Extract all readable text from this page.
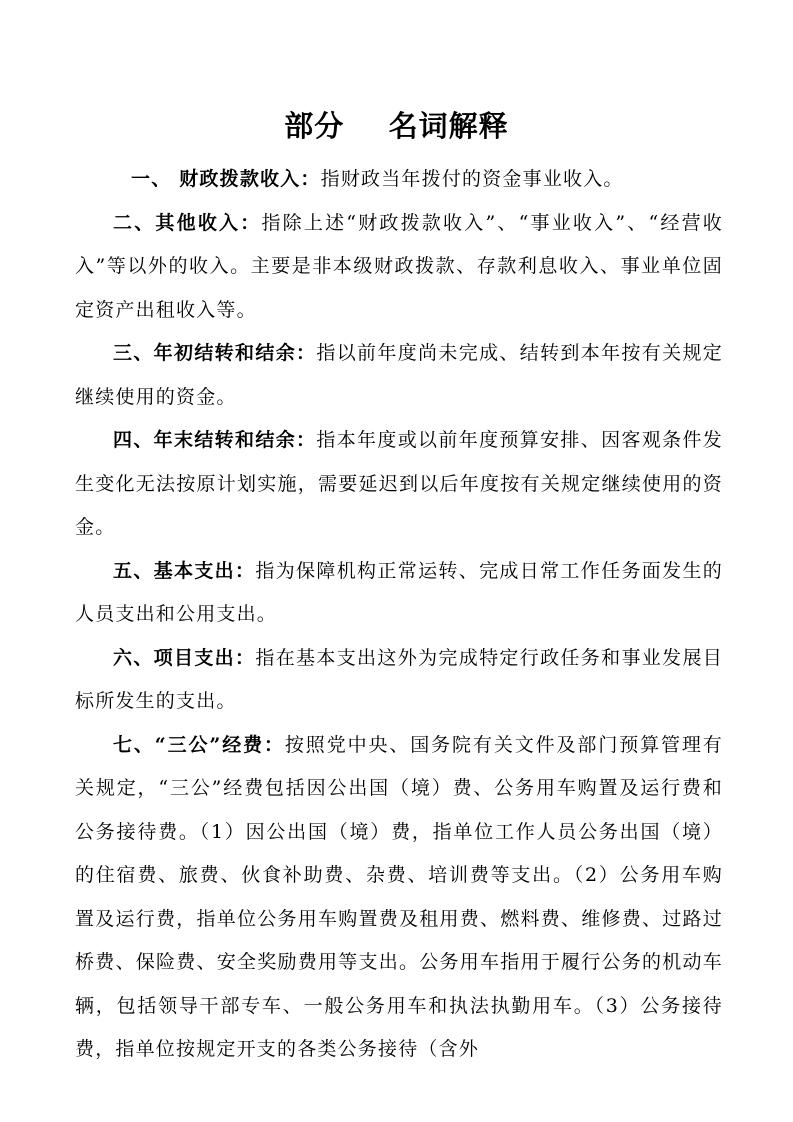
部分    名词解释

一、 财政拨款收入：指财政当年拨付的资金事业收入。

二、其他收入：指除上述“财政拨款收入”、“事业收入”、“经营收入”等以外的收入。主要是非本级财政拨款、存款利息收入、事业单位固定资产出租收入等。

三、年初结转和结余：指以前年度尚未完成、结转到本年按有关规定继续使用的资金。

四、年末结转和结余：指本年度或以前年度预算安排、因客观条件发生变化无法按原计划实施，需要延迟到以后年度按有关规定继续使用的资金。

五、基本支出：指为保障机构正常运转、完成日常工作任务面发生的人员支出和公用支出。

六、项目支出：指在基本支出这外为完成特定行政任务和事业发展目标所发生的支出。

七、“三公”经费：按照党中央、国务院有关文件及部门预算管理有关规定，“三公”经费包括因公出国（境）费、公务用车购置及运行费和公务接待费。（1）因公出国（境）费，指单位工作人员公务出国（境）的住宿费、旅费、伙食补助费、杂费、培训费等支出。（2）公务用车购置及运行费，指单位公务用车购置费及租用费、燃料费、维修费、过路过桥费、保险费、安全奖励费用等支出。公务用车指用于履行公务的机动车辆，包括领导干部专车、一般公务用车和执法执勤用车。（3）公务接待费，指单位按规定开支的各类公务接待（含外
